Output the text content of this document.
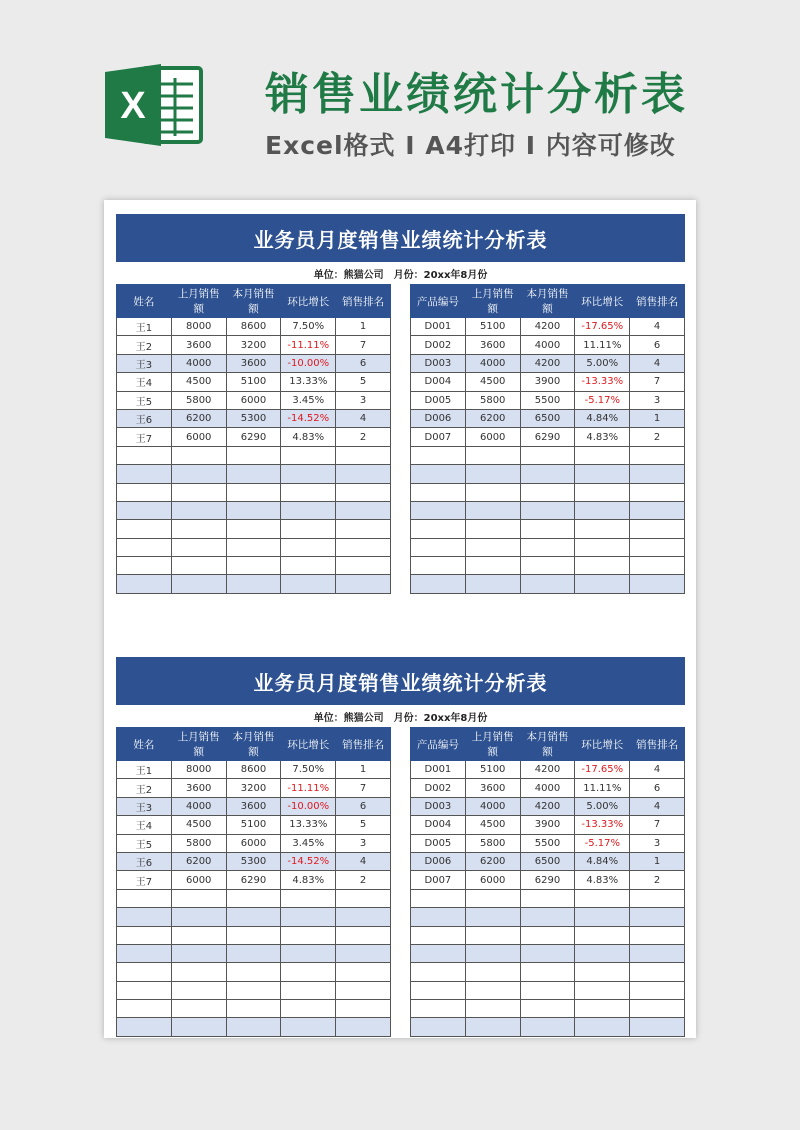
X	销售业绩统计分析表
Excel格式 I A4打印 I 内容可修改
业务员月度销售业绩统计分析表
单位：熊猫公司 月份：20xx年8月份
姓名	上月销售额	本月销售额	环比增长	销售排名
王1	8000	8600	7.50%	1
王2	3600	3200	-11.11%	7
王3	4000	3600	-10.00%	6
王4	4500	5100	13.33%	5
王5	5800	6000	3.45%	3
王6	6200	5300	-14.52%	4
王7	6000	6290	4.83%	2

产品编号	上月销售额	本月销售额	环比增长	销售排名
D001	5100	4200	-17.65%	4
D002	3600	4000	11.11%	6
D003	4000	4200	5.00%	4
D004	4500	3900	-13.33%	7
D005	5800	5500	-5.17%	3
D006	6200	6500	4.84%	1
D007	6000	6290	4.83%	2

业务员月度销售业绩统计分析表
单位：熊猫公司 月份：20xx年8月份
姓名	上月销售额	本月销售额	环比增长	销售排名
王1	8000	8600	7.50%	1
王2	3600	3200	-11.11%	7
王3	4000	3600	-10.00%	6
王4	4500	5100	13.33%	5
王5	5800	6000	3.45%	3
王6	6200	5300	-14.52%	4
王7	6000	6290	4.83%	2

产品编号	上月销售额	本月销售额	环比增长	销售排名
D001	5100	4200	-17.65%	4
D002	3600	4000	11.11%	6
D003	4000	4200	5.00%	4
D004	4500	3900	-13.33%	7
D005	5800	5500	-5.17%	3
D006	6200	6500	4.84%	1
D007	6000	6290	4.83%	2
